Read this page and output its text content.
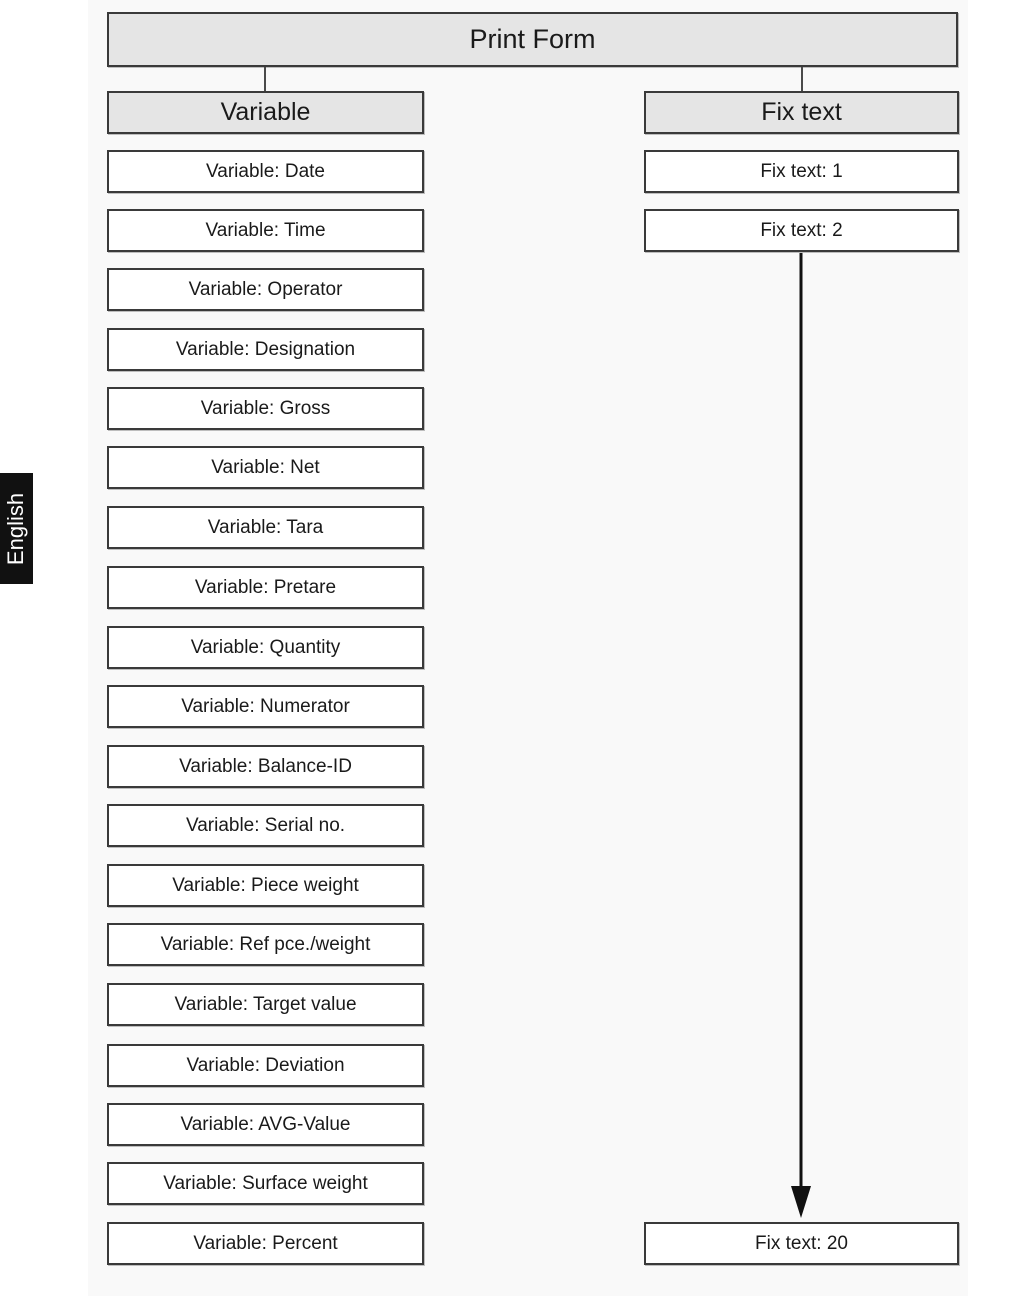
English
Print Form
Variable	Fix text
Variable: Date
Variable: Time
Variable: Operator
Variable: Designation
Variable: Gross
Variable: Net
Variable: Tara
Variable: Pretare
Variable: Quantity
Variable: Numerator
Variable: Balance-ID
Variable: Serial no.
Variable: Piece weight
Variable: Ref pce./weight
Variable: Target value
Variable: Deviation
Variable: AVG-Value
Variable: Surface weight
Variable: Percent
Fix text: 1
Fix text: 2
Fix text: 20
